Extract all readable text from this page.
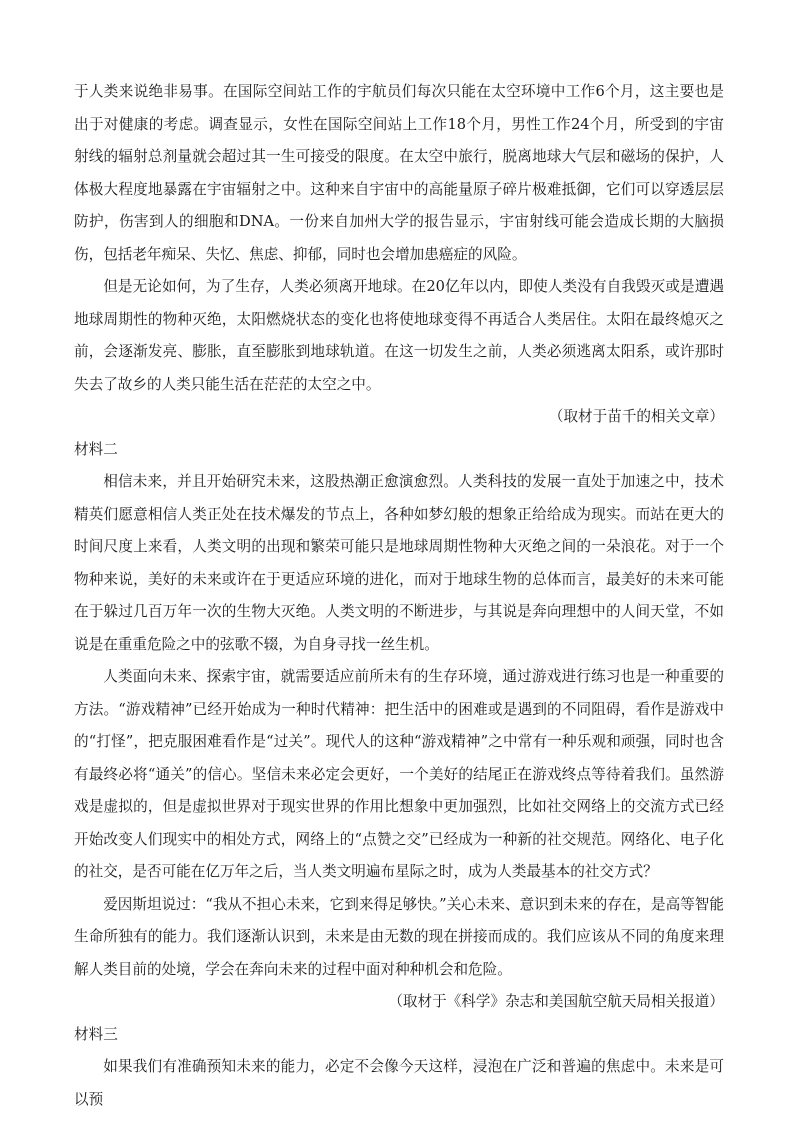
于人类来说绝非易事。在国际空间站工作的宇航员们每次只能在太空环境中工作6个月，这主要也是出于对健康的考虑。调查显示，女性在国际空间站上工作18个月，男性工作24个月，所受到的宇宙射线的辐射总剂量就会超过其一生可接受的限度。在太空中旅行，脱离地球大气层和磁场的保护，人体极大程度地暴露在宇宙辐射之中。这种来自宇宙中的高能量原子碎片极难抵御，它们可以穿透层层防护，伤害到人的细胞和DNA。一份来自加州大学的报告显示，宇宙射线可能会造成长期的大脑损伤，包括老年痴呆、失忆、焦虑、抑郁，同时也会增加患癌症的风险。

但是无论如何，为了生存，人类必须离开地球。在20亿年以内，即使人类没有自我毁灭或是遭遇地球周期性的物种灭绝，太阳燃烧状态的变化也将使地球变得不再适合人类居住。太阳在最终熄灭之前，会逐渐发亮、膨胀，直至膨胀到地球轨道。在这一切发生之前，人类必须逃离太阳系，或许那时失去了故乡的人类只能生活在茫茫的太空之中。

（取材于苗千的相关文章）

材料二

相信未来，并且开始研究未来，这股热潮正愈演愈烈。人类科技的发展一直处于加速之中，技术精英们愿意相信人类正处在技术爆发的节点上，各种如梦幻般的想象正给给成为现实。而站在更大的时间尺度上来看，人类文明的出现和繁荣可能只是地球周期性物种大灭绝之间的一朵浪花。对于一个物种来说，美好的未来或许在于更适应环境的进化，而对于地球生物的总体而言，最美好的未来可能在于躲过几百万年一次的生物大灭绝。人类文明的不断进步，与其说是奔向理想中的人间天堂，不如说是在重重危险之中的弦歌不辍，为自身寻找一丝生机。

人类面向未来、探索宇宙，就需要适应前所未有的生存环境，通过游戏进行练习也是一种重要的方法。“游戏精神”已经开始成为一种时代精神：把生活中的困难或是遇到的不同阻碍，看作是游戏中的“打怪”，把克服困难看作是“过关”。现代人的这种“游戏精神”之中常有一种乐观和顽强，同时也含有最终必将“通关”的信心。坚信未来必定会更好，一个美好的结尾正在游戏终点等待着我们。虽然游戏是虚拟的，但是虚拟世界对于现实世界的作用比想象中更加强烈，比如社交网络上的交流方式已经开始改变人们现实中的相处方式，网络上的“点赞之交”已经成为一种新的社交规范。网络化、电子化的社交，是否可能在亿万年之后，当人类文明遍布星际之时，成为人类最基本的社交方式？

爱因斯坦说过：“我从不担心未来，它到来得足够快。”关心未来、意识到未来的存在，是高等智能生命所独有的能力。我们逐渐认识到，未来是由无数的现在拼接而成的。我们应该从不同的角度来理解人类目前的处境，学会在奔向未来的过程中面对种种机会和危险。

（取材于《科学》杂志和美国航空航天局相关报道）

材料三

如果我们有准确预知未来的能力，必定不会像今天这样，浸泡在广泛和普遍的焦虑中。未来是可以预
